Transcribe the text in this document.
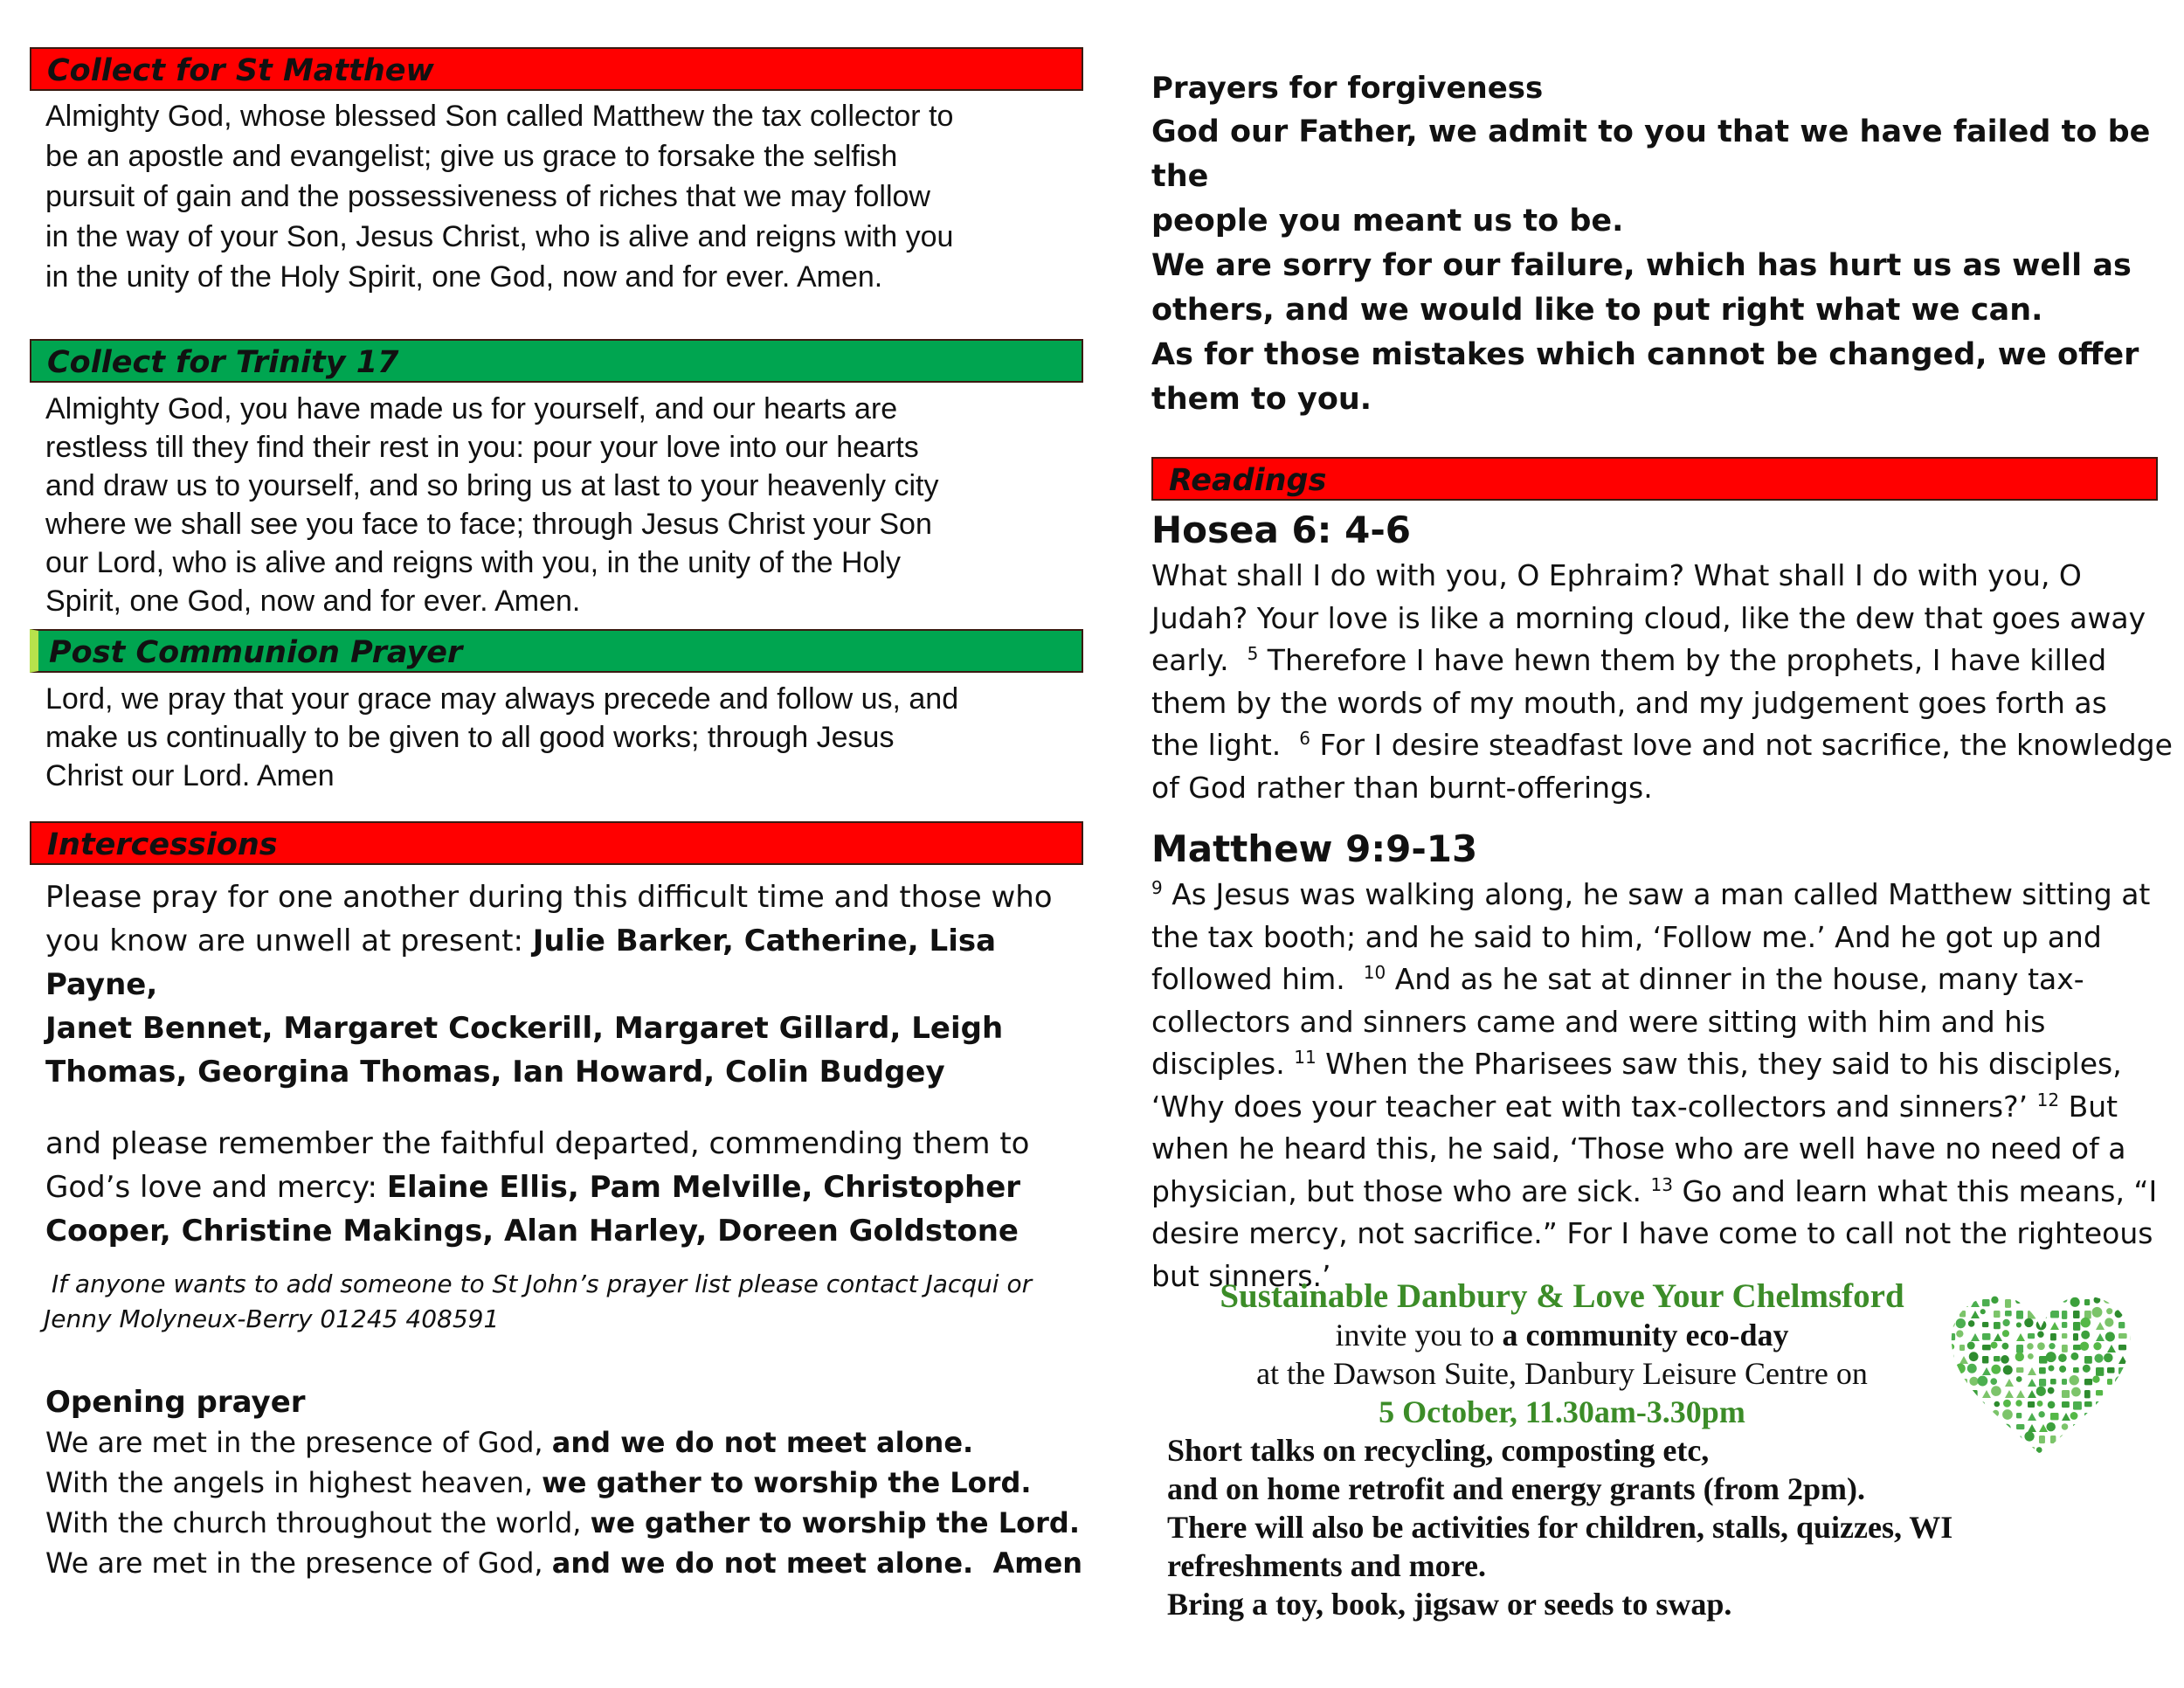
Collect for St Matthew
Almighty God, whose blessed Son called Matthew the tax collector to
be an apostle and evangelist; give us grace to forsake the selfish
pursuit of gain and the possessiveness of riches that we may follow
in the way of your Son, Jesus Christ, who is alive and reigns with you
in the unity of the Holy Spirit, one God, now and for ever. Amen.
Collect for Trinity 17
Almighty God, you have made us for yourself, and our hearts are
restless till they find their rest in you: pour your love into our hearts
and draw us to yourself, and so bring us at last to your heavenly city
where we shall see you face to face; through Jesus Christ your Son
our Lord, who is alive and reigns with you, in the unity of the Holy
Spirit, one God, now and for ever. Amen.
Post Communion Prayer
Lord, we pray that your grace may always precede and follow us, and
make us continually to be given to all good works; through Jesus
Christ our Lord. Amen
Intercessions
Please pray for one another during this difficult time and those who
you know are unwell at present: Julie Barker, Catherine, Lisa Payne,
Janet Bennet, Margaret Cockerill, Margaret Gillard, Leigh
Thomas, Georgina Thomas, Ian Howard, Colin Budgey
and please remember the faithful departed, commending them to
God’s love and mercy: Elaine Ellis, Pam Melville, Christopher
Cooper, Christine Makings, Alan Harley, Doreen Goldstone
If anyone wants to add someone to St John’s prayer list please contact Jacqui or
Jenny Molyneux-Berry 01245 408591
Opening prayer
We are met in the presence of God, and we do not meet alone.
With the angels in highest heaven, we gather to worship the Lord.
With the church throughout the world, we gather to worship the Lord.
We are met in the presence of God, and we do not meet alone.  Amen
Prayers for forgiveness
God our Father, we admit to you that we have failed to be the
people you meant us to be.
We are sorry for our failure, which has hurt us as well as
others, and we would like to put right what we can.
As for those mistakes which cannot be changed, we offer
them to you.
Readings
Hosea 6: 4-6
What shall I do with you, O Ephraim? What shall I do with you, O
Judah? Your love is like a morning cloud, like the dew that goes away
early.  $^5$ Therefore I have hewn them by the prophets, I have killed
them by the words of my mouth, and my judgement goes forth as
the light.  $^6$ For I desire steadfast love and not sacrifice, the knowledge
of God rather than burnt-offerings.
Matthew 9:9-13
$^9$ As Jesus was walking along, he saw a man called Matthew sitting at
the tax booth; and he said to him, ‘Follow me.’ And he got up and
followed him.  $^{10}$ And as he sat at dinner in the house, many tax-
collectors and sinners came and were sitting with him and his
disciples. $^{11}$ When the Pharisees saw this, they said to his disciples,
‘Why does your teacher eat with tax-collectors and sinners?’ $^{12}$ But
when he heard this, he said, ‘Those who are well have no need of a
physician, but those who are sick. $^{13}$ Go and learn what this means, “I
desire mercy, not sacrifice.” For I have come to call not the righteous
but sinners.’
Sustainable Danbury & Love Your Chelmsford
invite you to a community eco-day
at the Dawson Suite, Danbury Leisure Centre on
5 October, 11.30am-3.30pm
Short talks on recycling, composting etc,
and on home retrofit and energy grants (from 2pm).
There will also be activities for children, stalls, quizzes, WI
refreshments and more.
Bring a toy, book, jigsaw or seeds to swap.
